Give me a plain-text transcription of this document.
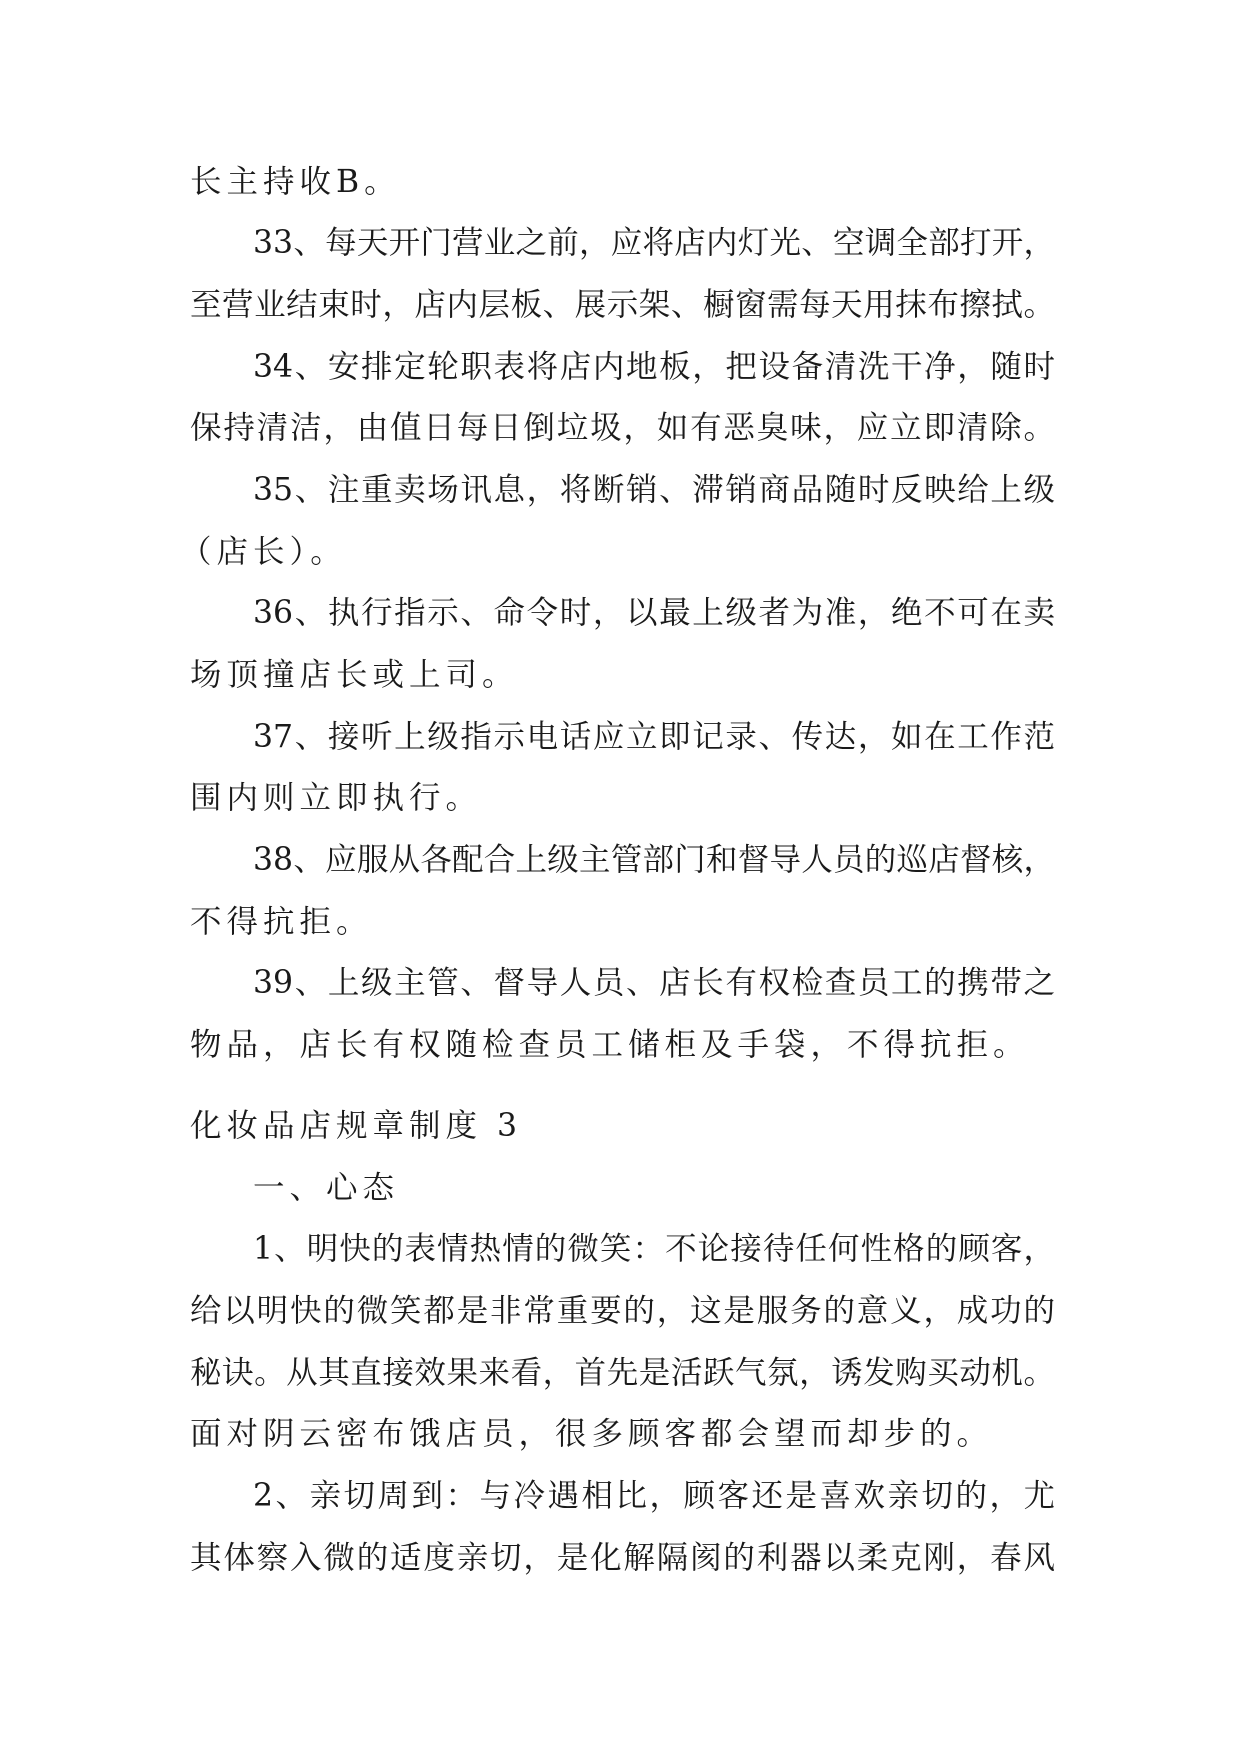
长主持收B。
33、每天开门营业之前，应将店内灯光、空调全部打开，
至营业结束时，店内层板、展示架、橱窗需每天用抹布擦拭。
34、安排定轮职表将店内地板，把设备清洗干净，随时
保持清洁，由值日每日倒垃圾，如有恶臭味，应立即清除。
35、注重卖场讯息，将断销、滞销商品随时反映给上级
（店长）。
36、执行指示、命令时，以最上级者为准，绝不可在卖
场顶撞店长或上司。
37、接听上级指示电话应立即记录、传达，如在工作范
围内则立即执行。
38、应服从各配合上级主管部门和督导人员的巡店督核，
不得抗拒。
39、上级主管、督导人员、店长有权检查员工的携带之
物品，店长有权随检查员工储柜及手袋，不得抗拒。
化妆品店规章制度 3
一、心态
1、明快的表情热情的微笑：不论接待任何性格的顾客，
给以明快的微笑都是非常重要的，这是服务的意义，成功的
秘诀。从其直接效果来看，首先是活跃气氛，诱发购买动机。
面对阴云密布饿店员，很多顾客都会望而却步的。
2、亲切周到：与冷遇相比，顾客还是喜欢亲切的，尤
其体察入微的适度亲切，是化解隔阂的利器以柔克刚，春风
